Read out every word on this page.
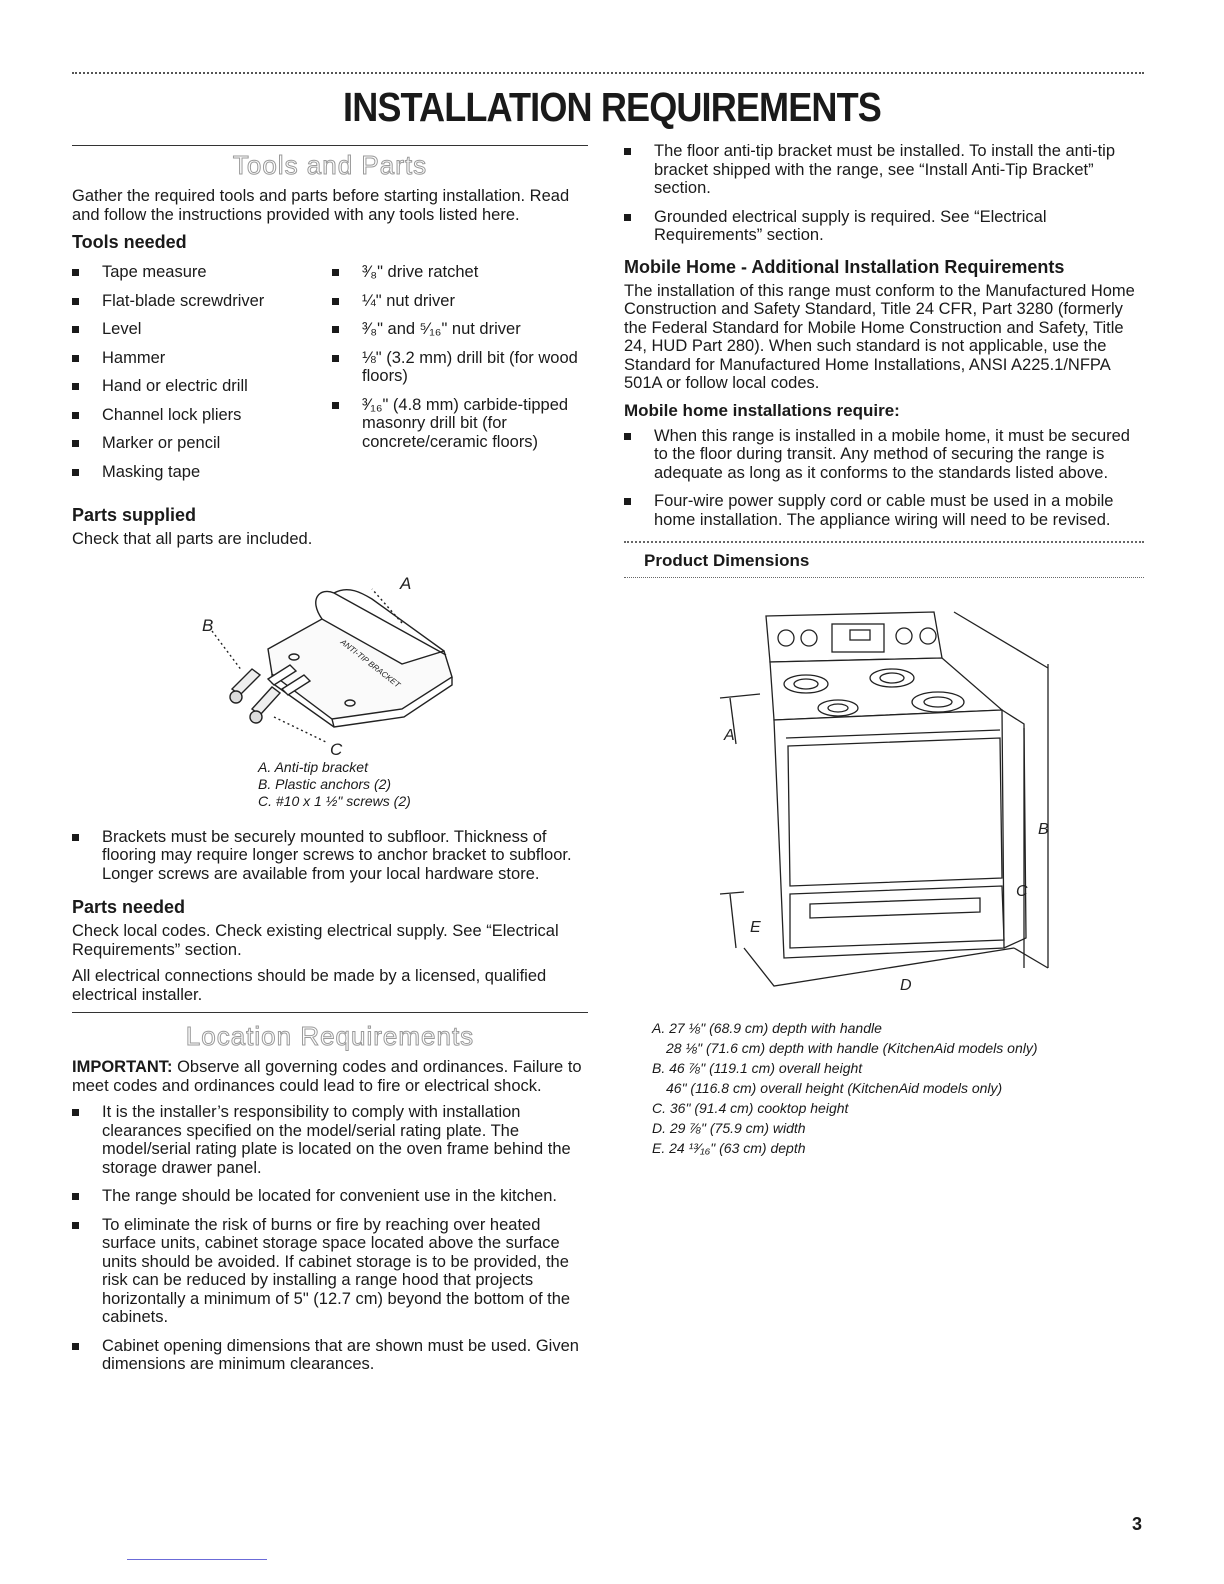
INSTALLATION REQUIREMENTS
Tools and Parts

Gather the required tools and parts before starting installation. Read and follow the instructions provided with any tools listed here.

Tools needed
Tape measure
Flat-blade screwdriver
Level
Hammer
Hand or electric drill
Channel lock pliers
Marker or pencil
Masking tape
³⁄₈" drive ratchet
¼" nut driver
³⁄₈" and ⁵⁄₁₆" nut driver
⅛" (3.2 mm) drill bit (for wood floors)
³⁄₁₆" (4.8 mm) carbide-tipped masonry drill bit (for concrete/ceramic floors)
Parts supplied

Check that all parts are included.

ANTI-TIP BRACKET
A
B
C

A. Anti-tip bracket

B. Plastic anchors (2)

C. #10 x 1 ½" screws (2)

Brackets must be securely mounted to subfloor. Thickness of flooring may require longer screws to anchor bracket to subfloor. Longer screws are available from your local hardware store.
Parts needed

Check local codes. Check existing electrical supply. See “Electrical Requirements” section.

All electrical connections should be made by a licensed, qualified electrical installer.

Location Requirements

IMPORTANT: Observe all governing codes and ordinances. Failure to meet codes and ordinances could lead to fire or electrical shock.

It is the installer’s responsibility to comply with installation clearances specified on the model/serial rating plate. The model/serial rating plate is located on the oven frame behind the storage drawer panel.
The range should be located for convenient use in the kitchen.
To eliminate the risk of burns or fire by reaching over heated surface units, cabinet storage space located above the surface units should be avoided. If cabinet storage is to be provided, the risk can be reduced by installing a range hood that projects horizontally a minimum of 5" (12.7 cm) beyond the bottom of the cabinets.
Cabinet opening dimensions that are shown must be used. Given dimensions are minimum clearances.
The floor anti-tip bracket must be installed. To install the anti-tip bracket shipped with the range, see “Install Anti-Tip Bracket” section.
Grounded electrical supply is required. See “Electrical Requirements” section.
Mobile Home - Additional Installation Requirements

The installation of this range must conform to the Manufactured Home Construction and Safety Standard, Title 24 CFR, Part 3280 (formerly the Federal Standard for Mobile Home Construction and Safety, Title 24, HUD Part 280). When such standard is not applicable, use the Standard for Manufactured Home Installations, ANSI A225.1/NFPA 501A or follow local codes.

Mobile home installations require:
When this range is installed in a mobile home, it must be secured to the floor during transit. Any method of securing the range is adequate as long as it conforms to the standards listed above.
Four-wire power supply cord or cable must be used in a mobile home installation. The appliance wiring will need to be revised.
Product Dimensions
A
B
C
D
E

A. 27 ⅛" (68.9 cm) depth with handle

28 ⅛" (71.6 cm) depth with handle (KitchenAid models only)

B. 46 ⅞" (119.1 cm) overall height

46" (116.8 cm) overall height (KitchenAid models only)

C. 36" (91.4 cm) cooktop height

D. 29 ⅞" (75.9 cm) width

E. 24 ¹³⁄₁₆" (63 cm) depth

3
